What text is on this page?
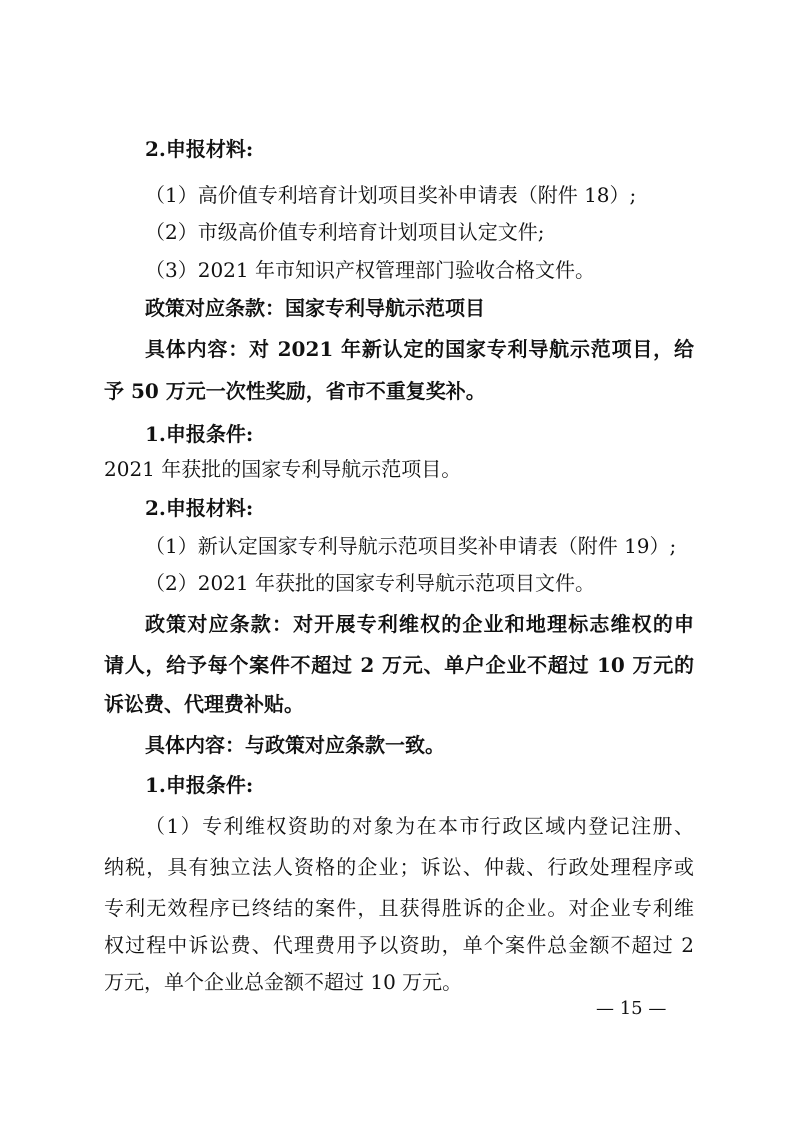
2.申报材料:
（1）高价值专利培育计划项目奖补申请表（附件 18）;
（2）市级高价值专利培育计划项目认定文件;
（3）2021 年市知识产权管理部门验收合格文件。
政策对应条款：国家专利导航示范项目
具体内容：对 2021 年新认定的国家专利导航示范项目，给
予 50 万元一次性奖励，省市不重复奖补。
1.申报条件:
2021 年获批的国家专利导航示范项目。
2.申报材料:
（1）新认定国家专利导航示范项目奖补申请表（附件 19）;
（2）2021 年获批的国家专利导航示范项目文件。
政策对应条款：对开展专利维权的企业和地理标志维权的申
请人，给予每个案件不超过 2 万元、单户企业不超过 10 万元的
诉讼费、代理费补贴。
具体内容：与政策对应条款一致。
1.申报条件:
（1）专利维权资助的对象为在本市行政区域内登记注册、
纳税，具有独立法人资格的企业；诉讼、仲裁、行政处理程序或
专利无效程序已终结的案件，且获得胜诉的企业。对企业专利维
权过程中诉讼费、代理费用予以资助，单个案件总金额不超过 2
万元，单个企业总金额不超过 10 万元。
— 15 —
